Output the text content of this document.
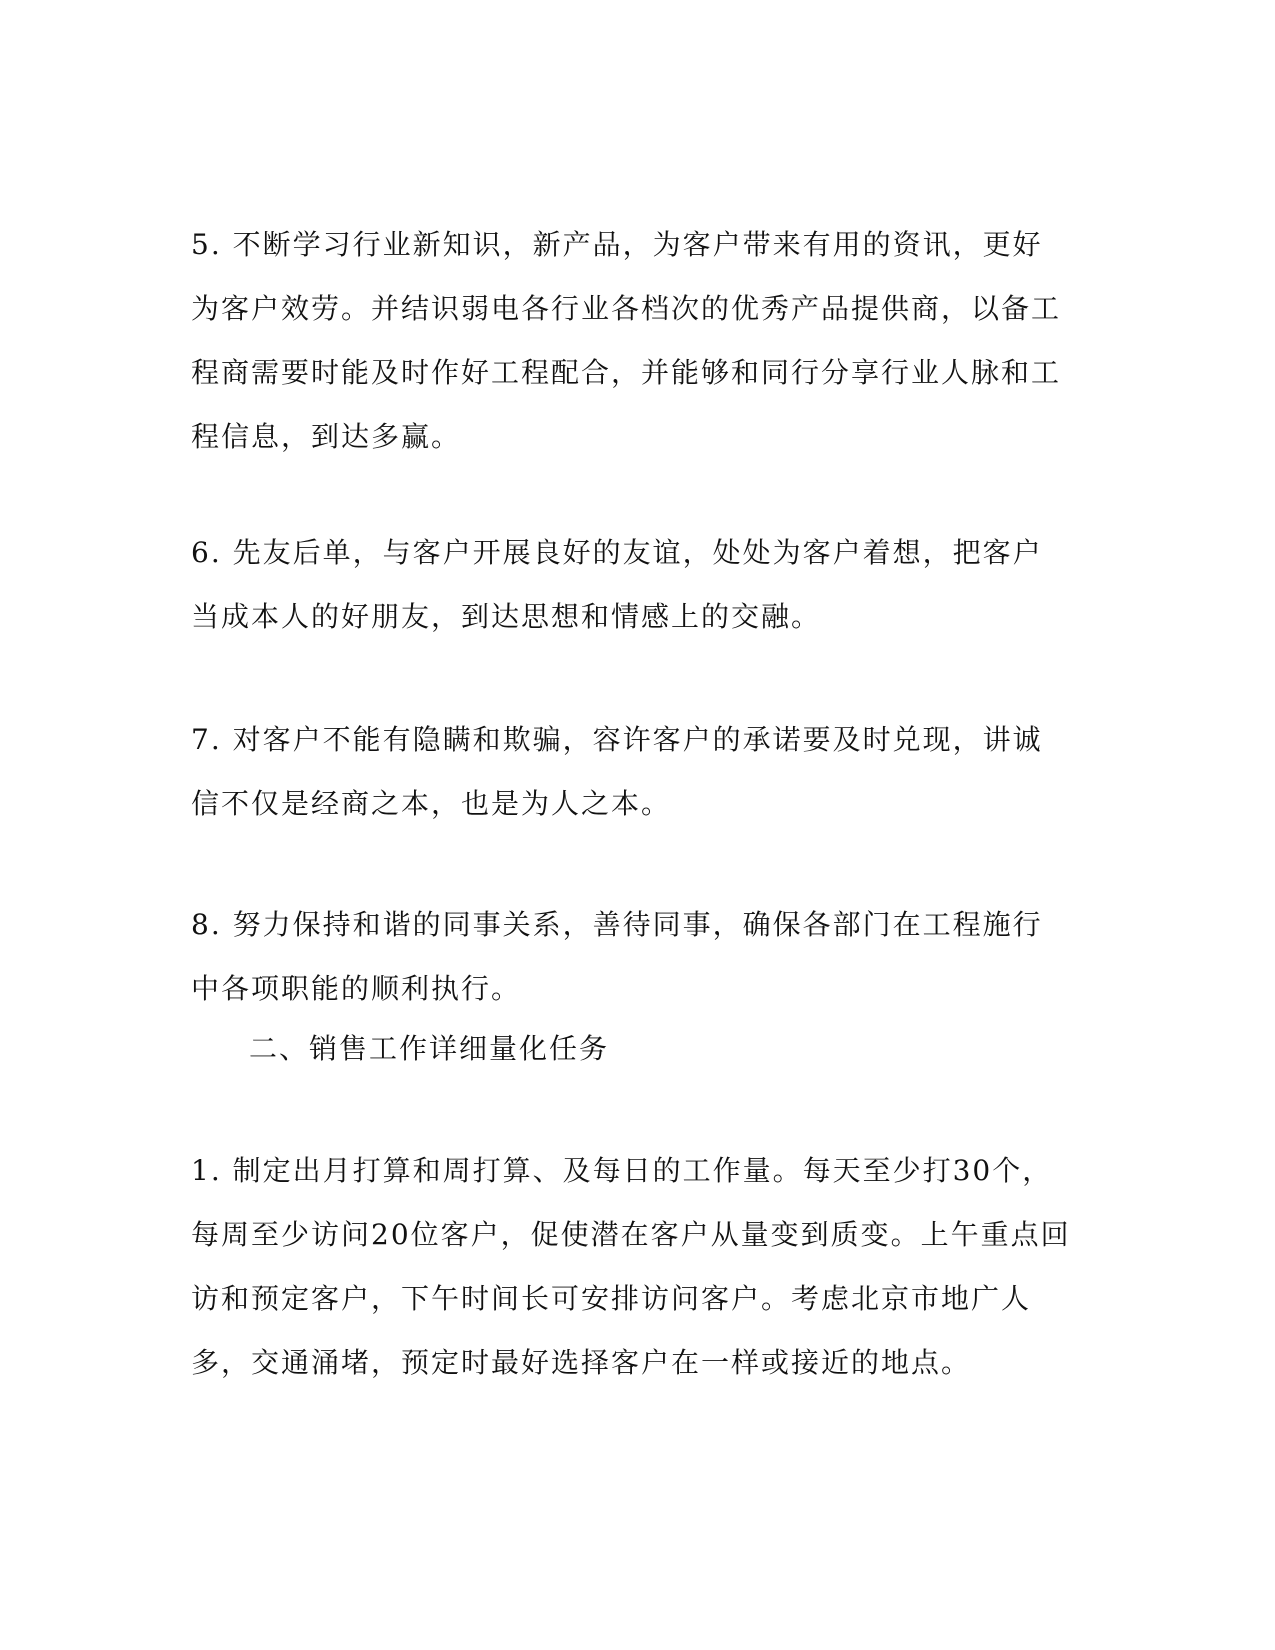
5. 不断学习行业新知识，新产品，为客户带来有用的资讯，更好为客户效劳。并结识弱电各行业各档次的优秀产品提供商，以备工程商需要时能及时作好工程配合，并能够和同行分享行业人脉和工程信息，到达多赢。

6. 先友后单，与客户开展良好的友谊，处处为客户着想，把客户当成本人的好朋友，到达思想和情感上的交融。

7. 对客户不能有隐瞒和欺骗，容许客户的承诺要及时兑现，讲诚信不仅是经商之本，也是为人之本。

8. 努力保持和谐的同事关系，善待同事，确保各部门在工程施行中各项职能的顺利执行。

二、销售工作详细量化任务

1. 制定出月打算和周打算、及每日的工作量。每天至少打30个，每周至少访问20位客户，促使潜在客户从量变到质变。上午重点回访和预定客户，下午时间长可安排访问客户。考虑北京市地广人多，交通涌堵，预定时最好选择客户在一样或接近的地点。
